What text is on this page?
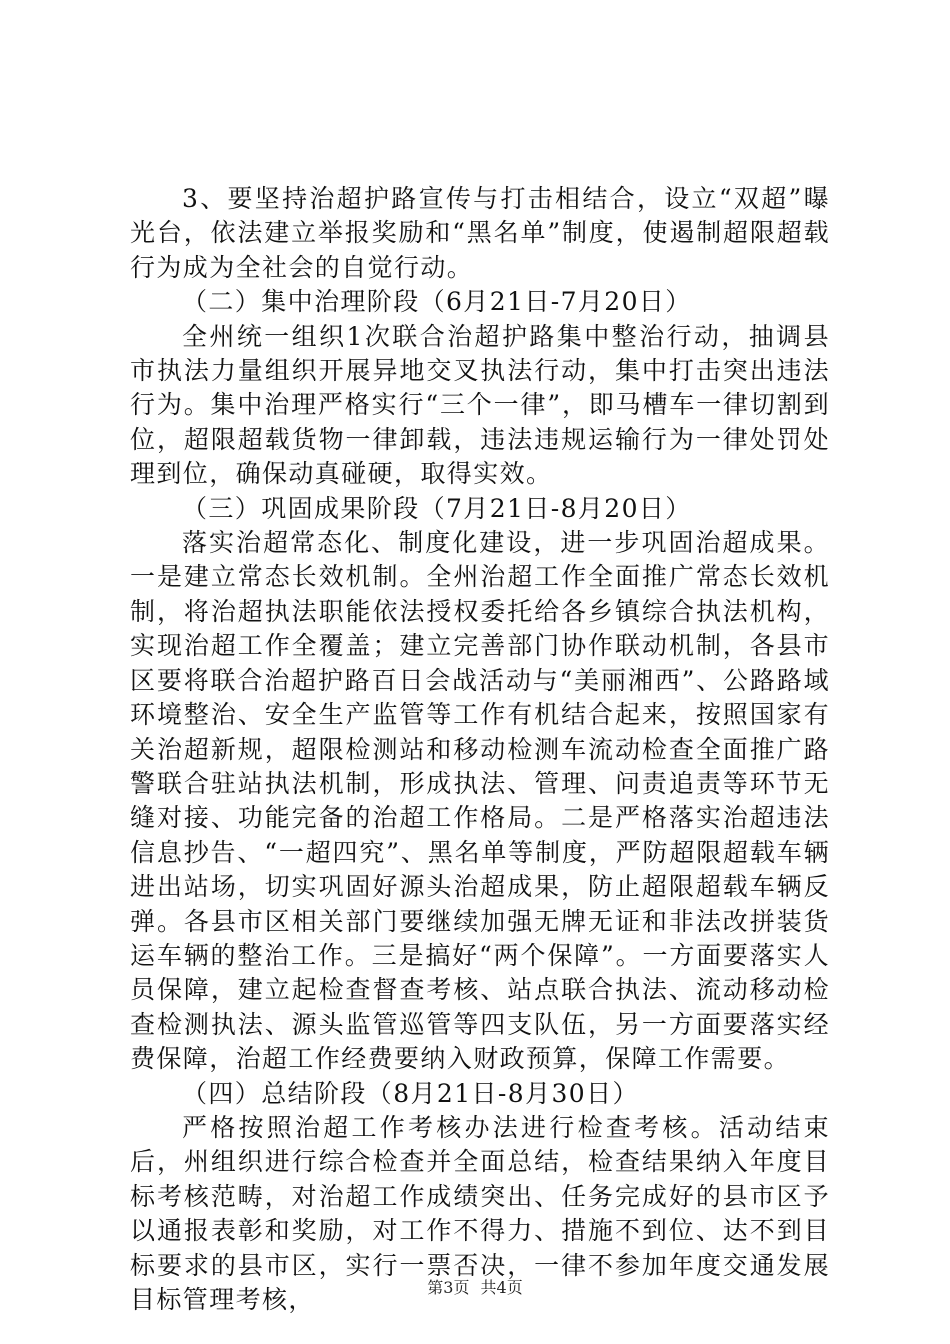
3、要坚持治超护路宣传与打击相结合，设立“双超”曝光台，依法建立举报奖励和“黑名单”制度，使遏制超限超载行为成为全社会的自觉行动。

（二）集中治理阶段（6月21日-7月20日）

全州统一组织1次联合治超护路集中整治行动，抽调县市执法力量组织开展异地交叉执法行动，集中打击突出违法行为。集中治理严格实行“三个一律”，即马槽车一律切割到位，超限超载货物一律卸载，违法违规运输行为一律处罚处理到位，确保动真碰硬，取得实效。

（三）巩固成果阶段（7月21日-8月20日）

落实治超常态化、制度化建设，进一步巩固治超成果。一是建立常态长效机制。全州治超工作全面推广常态长效机制，将治超执法职能依法授权委托给各乡镇综合执法机构，实现治超工作全覆盖；建立完善部门协作联动机制，各县市区要将联合治超护路百日会战活动与“美丽湘西”、公路路域环境整治、安全生产监管等工作有机结合起来，按照国家有关治超新规，超限检测站和移动检测车流动检查全面推广路警联合驻站执法机制，形成执法、管理、问责追责等环节无缝对接、功能完备的治超工作格局。二是严格落实治超违法信息抄告、“一超四究”、黑名单等制度，严防超限超载车辆进出站场，切实巩固好源头治超成果，防止超限超载车辆反弹。各县市区相关部门要继续加强无牌无证和非法改拼装货运车辆的整治工作。三是搞好“两个保障”。一方面要落实人员保障，建立起检查督查考核、站点联合执法、流动移动检查检测执法、源头监管巡管等四支队伍，另一方面要落实经费保障，治超工作经费要纳入财政预算，保障工作需要。

（四）总结阶段（8月21日-8月30日）

严格按照治超工作考核办法进行检查考核。活动结束后，州组织进行综合检查并全面总结，检查结果纳入年度目标考核范畴，对治超工作成绩突出、任务完成好的县市区予以通报表彰和奖励，对工作不得力、措施不到位、达不到目标要求的县市区，实行一票否决，一律不参加年度交通发展目标管理考核，	第3页 共4页
